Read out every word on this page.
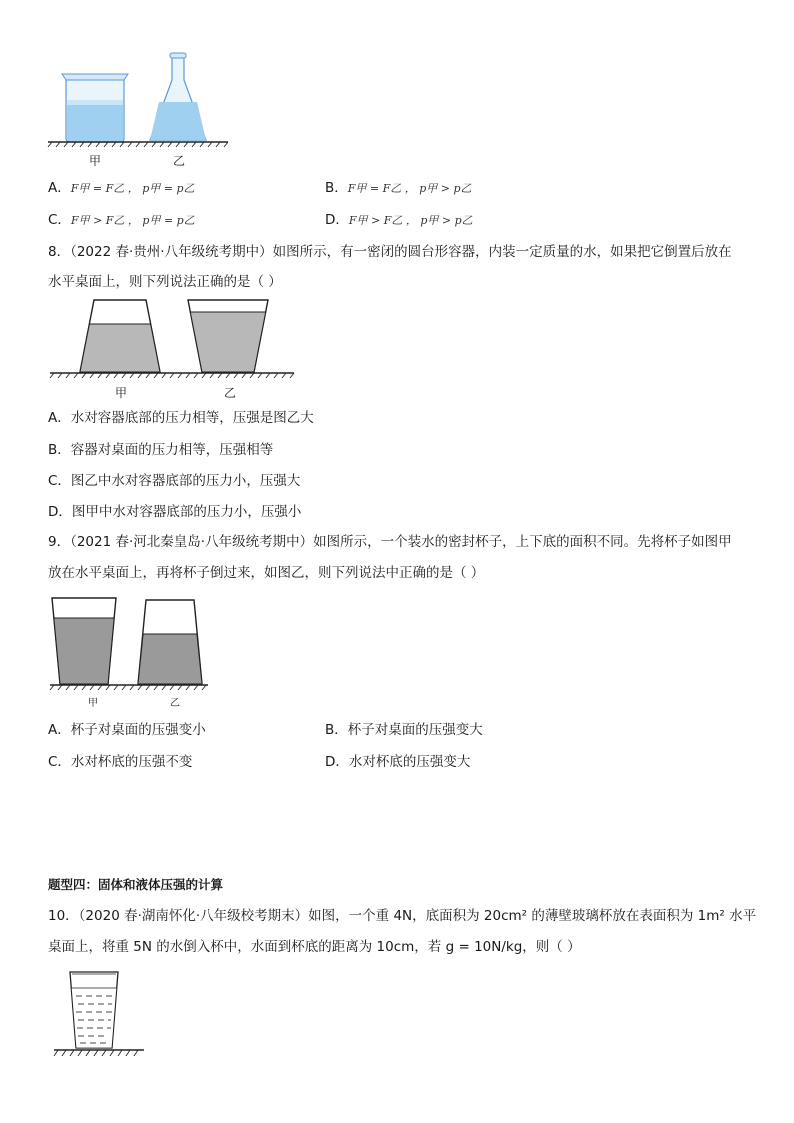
甲	乙
A．F甲 = F乙 ， p甲 = p乙	B．F甲 = F乙 ， p甲 > p乙
C．F甲 > F乙 ， p甲 = p乙	D．F甲 > F乙 ， p甲 > p乙
8．（2022 春·贵州·八年级统考期中）如图所示，有一密闭的圆台形容器，内装一定质量的水，如果把它倒置后放在
水平桌面上，则下列说法正确的是（ ）
甲	乙
A．水对容器底部的压力相等，压强是图乙大
B．容器对桌面的压力相等，压强相等
C．图乙中水对容器底部的压力小，压强大
D．图甲中水对容器底部的压力小，压强小
9．（2021 春·河北秦皇岛·八年级统考期中）如图所示，一个装水的密封杯子，上下底的面积不同。先将杯子如图甲
放在水平桌面上，再将杯子倒过来，如图乙，则下列说法中正确的是（ ）
甲	乙
A．杯子对桌面的压强变小	B．杯子对桌面的压强变大
C．水对杯底的压强不变	D．水对杯底的压强变大
题型四：固体和液体压强的计算
10．（2020 春·湖南怀化·八年级校考期末）如图，一个重 4N，底面积为 20cm² 的薄壁玻璃杯放在表面积为 1m² 水平
桌面上，将重 5N 的水倒入杯中，水面到杯底的距离为 10cm，若 g = 10N/kg，则（ ）
